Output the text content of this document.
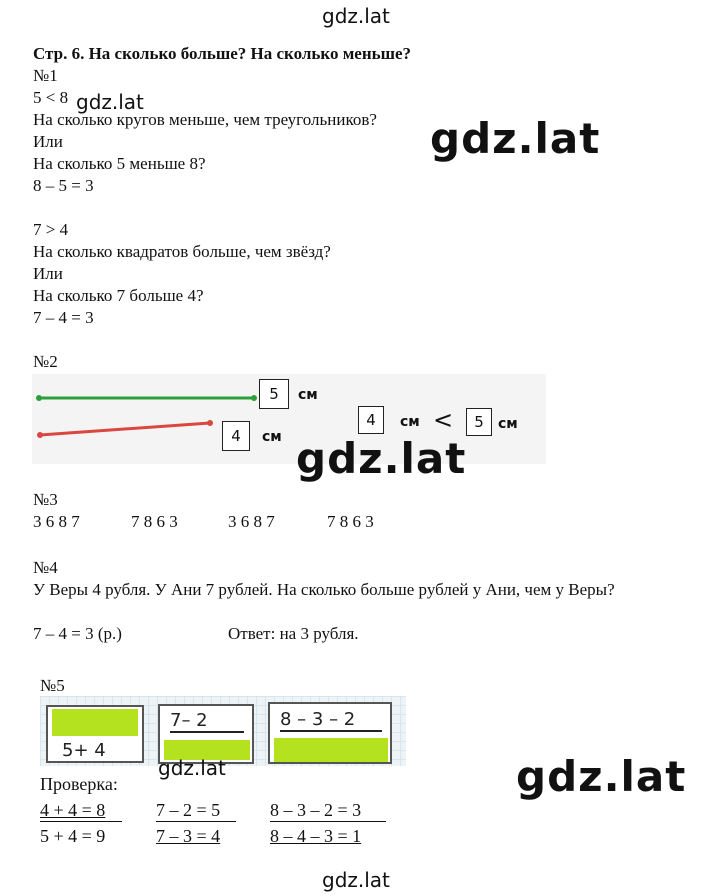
gdz.lat
gdz.lat
gdz.lat
Стр. 6. На сколько больше? На сколько меньше?
№1
5 < 8
На сколько кругов меньше, чем треугольников?
Или
На сколько 5 меньше 8?
8 – 5 = 3
7 > 4
На сколько квадратов больше, чем звёзд?
Или
На сколько 7 больше 4?
7 – 4 = 3
№2
5	см
4	см
4	см <	5	см
gdz.lat
№3
3 6 8 7	7 8 6 3	3 6 8 7	7 8 6 3
№4
У Веры 4 рубля. У Ани 7 рублей. На сколько больше рублей у Ани, чем у Веры?
7 – 4 = 3 (р.)	Ответ: на 3 рубля.
№5
5+ 4
7– 2	8 – 3 – 2
gdz.lat
Проверка:
4 + 4 = 8	7 – 2 = 5	8 – 3 – 2 = 3
5 + 4 = 9	7 – 3 = 4	8 – 4 – 3 = 1
gdz.lat
gdz.lat
